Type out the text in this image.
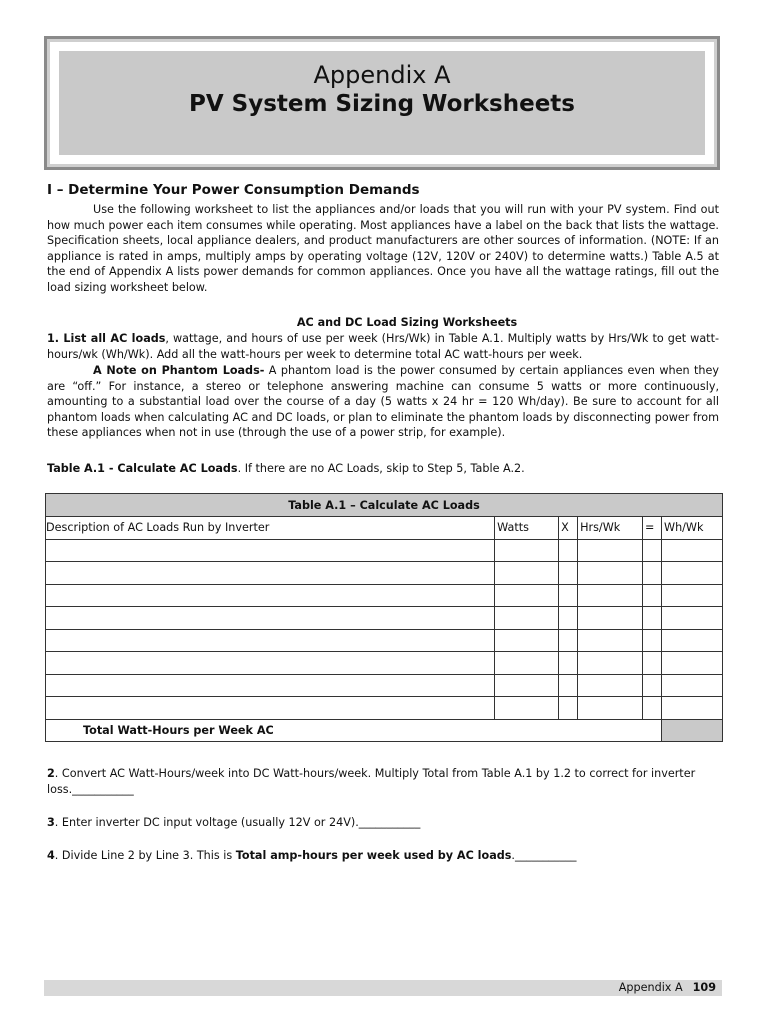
Appendix A
PV System Sizing Worksheets
I – Determine Your Power Consumption Demands
Use the following worksheet to list the appliances and/or loads that you will run with your PV system. Find out how much power each item consumes while operating. Most appliances have a label on the back that lists the wattage. Specification sheets, local appliance dealers, and product manufacturers are other sources of information. (NOTE: If an appliance is rated in amps, multiply amps by operating voltage (12V, 120V or 240V) to determine watts.) Table A.5 at the end of Appendix A lists power demands for common appliances. Once you have all the wattage ratings, fill out the load sizing worksheet below.
AC and DC Load Sizing Worksheets
1. List all AC loads, wattage, and hours of use per week (Hrs/Wk) in Table A.1. Multiply watts by Hrs/Wk to get watt-hours/wk (Wh/Wk). Add all the watt-hours per week to determine total AC watt-hours per week.
A Note on Phantom Loads- A phantom load is the power consumed by certain appliances even when they are “off.” For instance, a stereo or telephone answering machine can consume 5 watts or more continuously, amounting to a substantial load over the course of a day (5 watts x 24 hr = 120 Wh/day). Be sure to account for all phantom loads when calculating AC and DC loads, or plan to eliminate the phantom loads by disconnecting power from these appliances when not in use (through the use of a power strip, for example).
Table A.1 - Calculate AC Loads. If there are no AC Loads, skip to Step 5, Table A.2.
Table A.1 – Calculate AC Loads					
Description of AC Loads Run by Inverter	Watts	X	Hrs/Wk	=	Wh/Wk

Total Watt-Hours per Week AC					
2. Convert AC Watt-Hours/week into DC Watt-hours/week. Multiply Total from Table A.1 by 1.2 to correct for inverter loss.___________
3. Enter inverter DC input voltage (usually 12V or 24V).___________
4. Divide Line 2 by Line 3. This is Total amp-hours per week used by AC loads.___________
Appendix A 109
